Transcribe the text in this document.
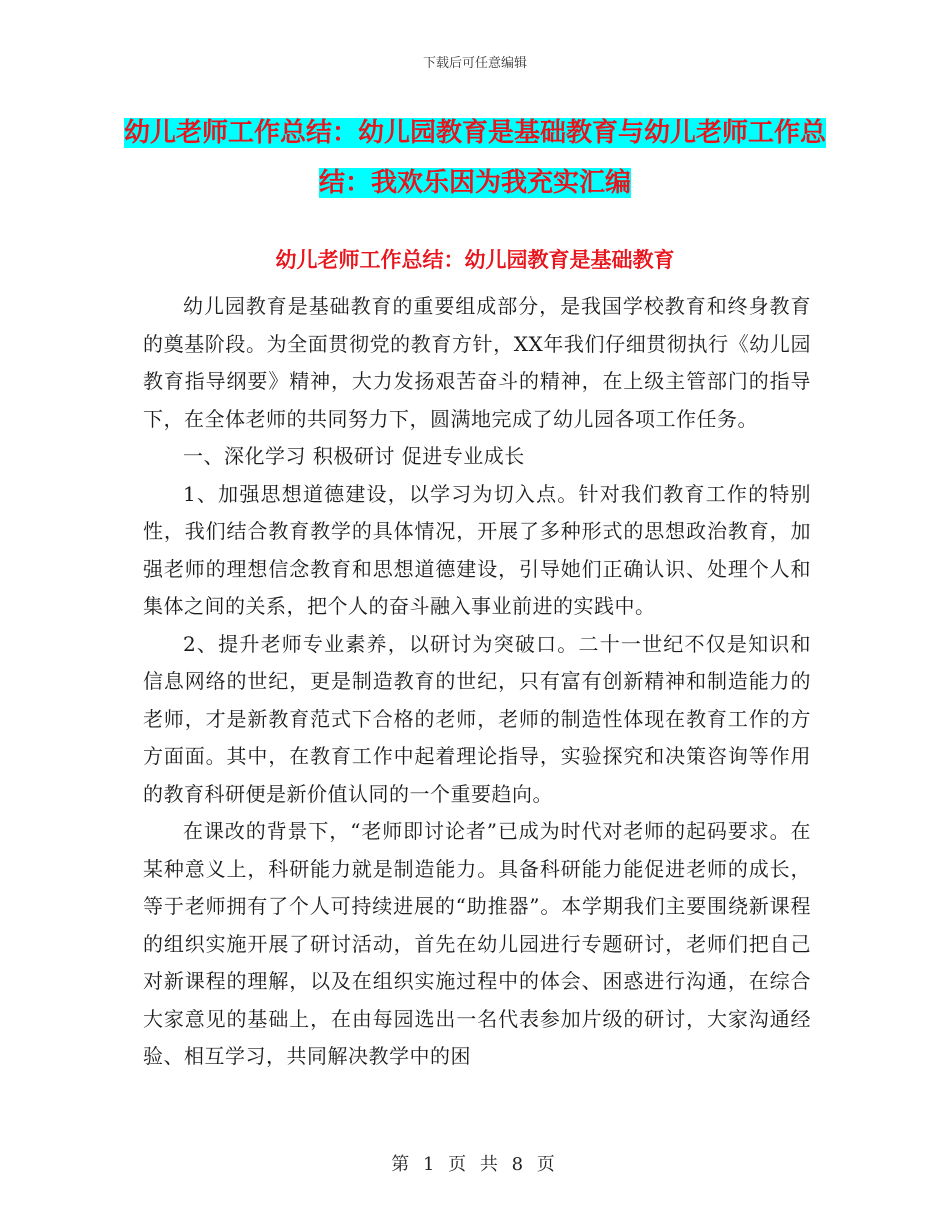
下载后可任意编辑
幼儿老师工作总结：幼儿园教育是基础教育与幼儿老师工作总结：我欢乐因为我充实汇编
幼儿老师工作总结：幼儿园教育是基础教育

幼儿园教育是基础教育的重要组成部分，是我国学校教育和终身教育的奠基阶段。为全面贯彻党的教育方针，XX年我们仔细贯彻执行《幼儿园教育指导纲要》精神，大力发扬艰苦奋斗的精神，在上级主管部门的指导下，在全体老师的共同努力下，圆满地完成了幼儿园各项工作任务。

一、深化学习 积极研讨 促进专业成长

1、加强思想道德建设，以学习为切入点。针对我们教育工作的特别性，我们结合教育教学的具体情况，开展了多种形式的思想政治教育，加强老师的理想信念教育和思想道德建设，引导她们正确认识、处理个人和集体之间的关系，把个人的奋斗融入事业前进的实践中。

2、提升老师专业素养，以研讨为突破口。二十一世纪不仅是知识和信息网络的世纪，更是制造教育的世纪，只有富有创新精神和制造能力的老师，才是新教育范式下合格的老师，老师的制造性体现在教育工作的方方面面。其中，在教育工作中起着理论指导，实验探究和决策咨询等作用的教育科研便是新价值认同的一个重要趋向。

在课改的背景下，“老师即讨论者”已成为时代对老师的起码要求。在某种意义上，科研能力就是制造能力。具备科研能力能促进老师的成长，等于老师拥有了个人可持续进展的“助推器”。本学期我们主要围绕新课程的组织实施开展了研讨活动，首先在幼儿园进行专题研讨，老师们把自己对新课程的理解，以及在组织实施过程中的体会、困惑进行沟通，在综合大家意见的基础上，在由每园选出一名代表参加片级的研讨，大家沟通经验、相互学习，共同解决教学中的困

第 1 页 共 8 页
